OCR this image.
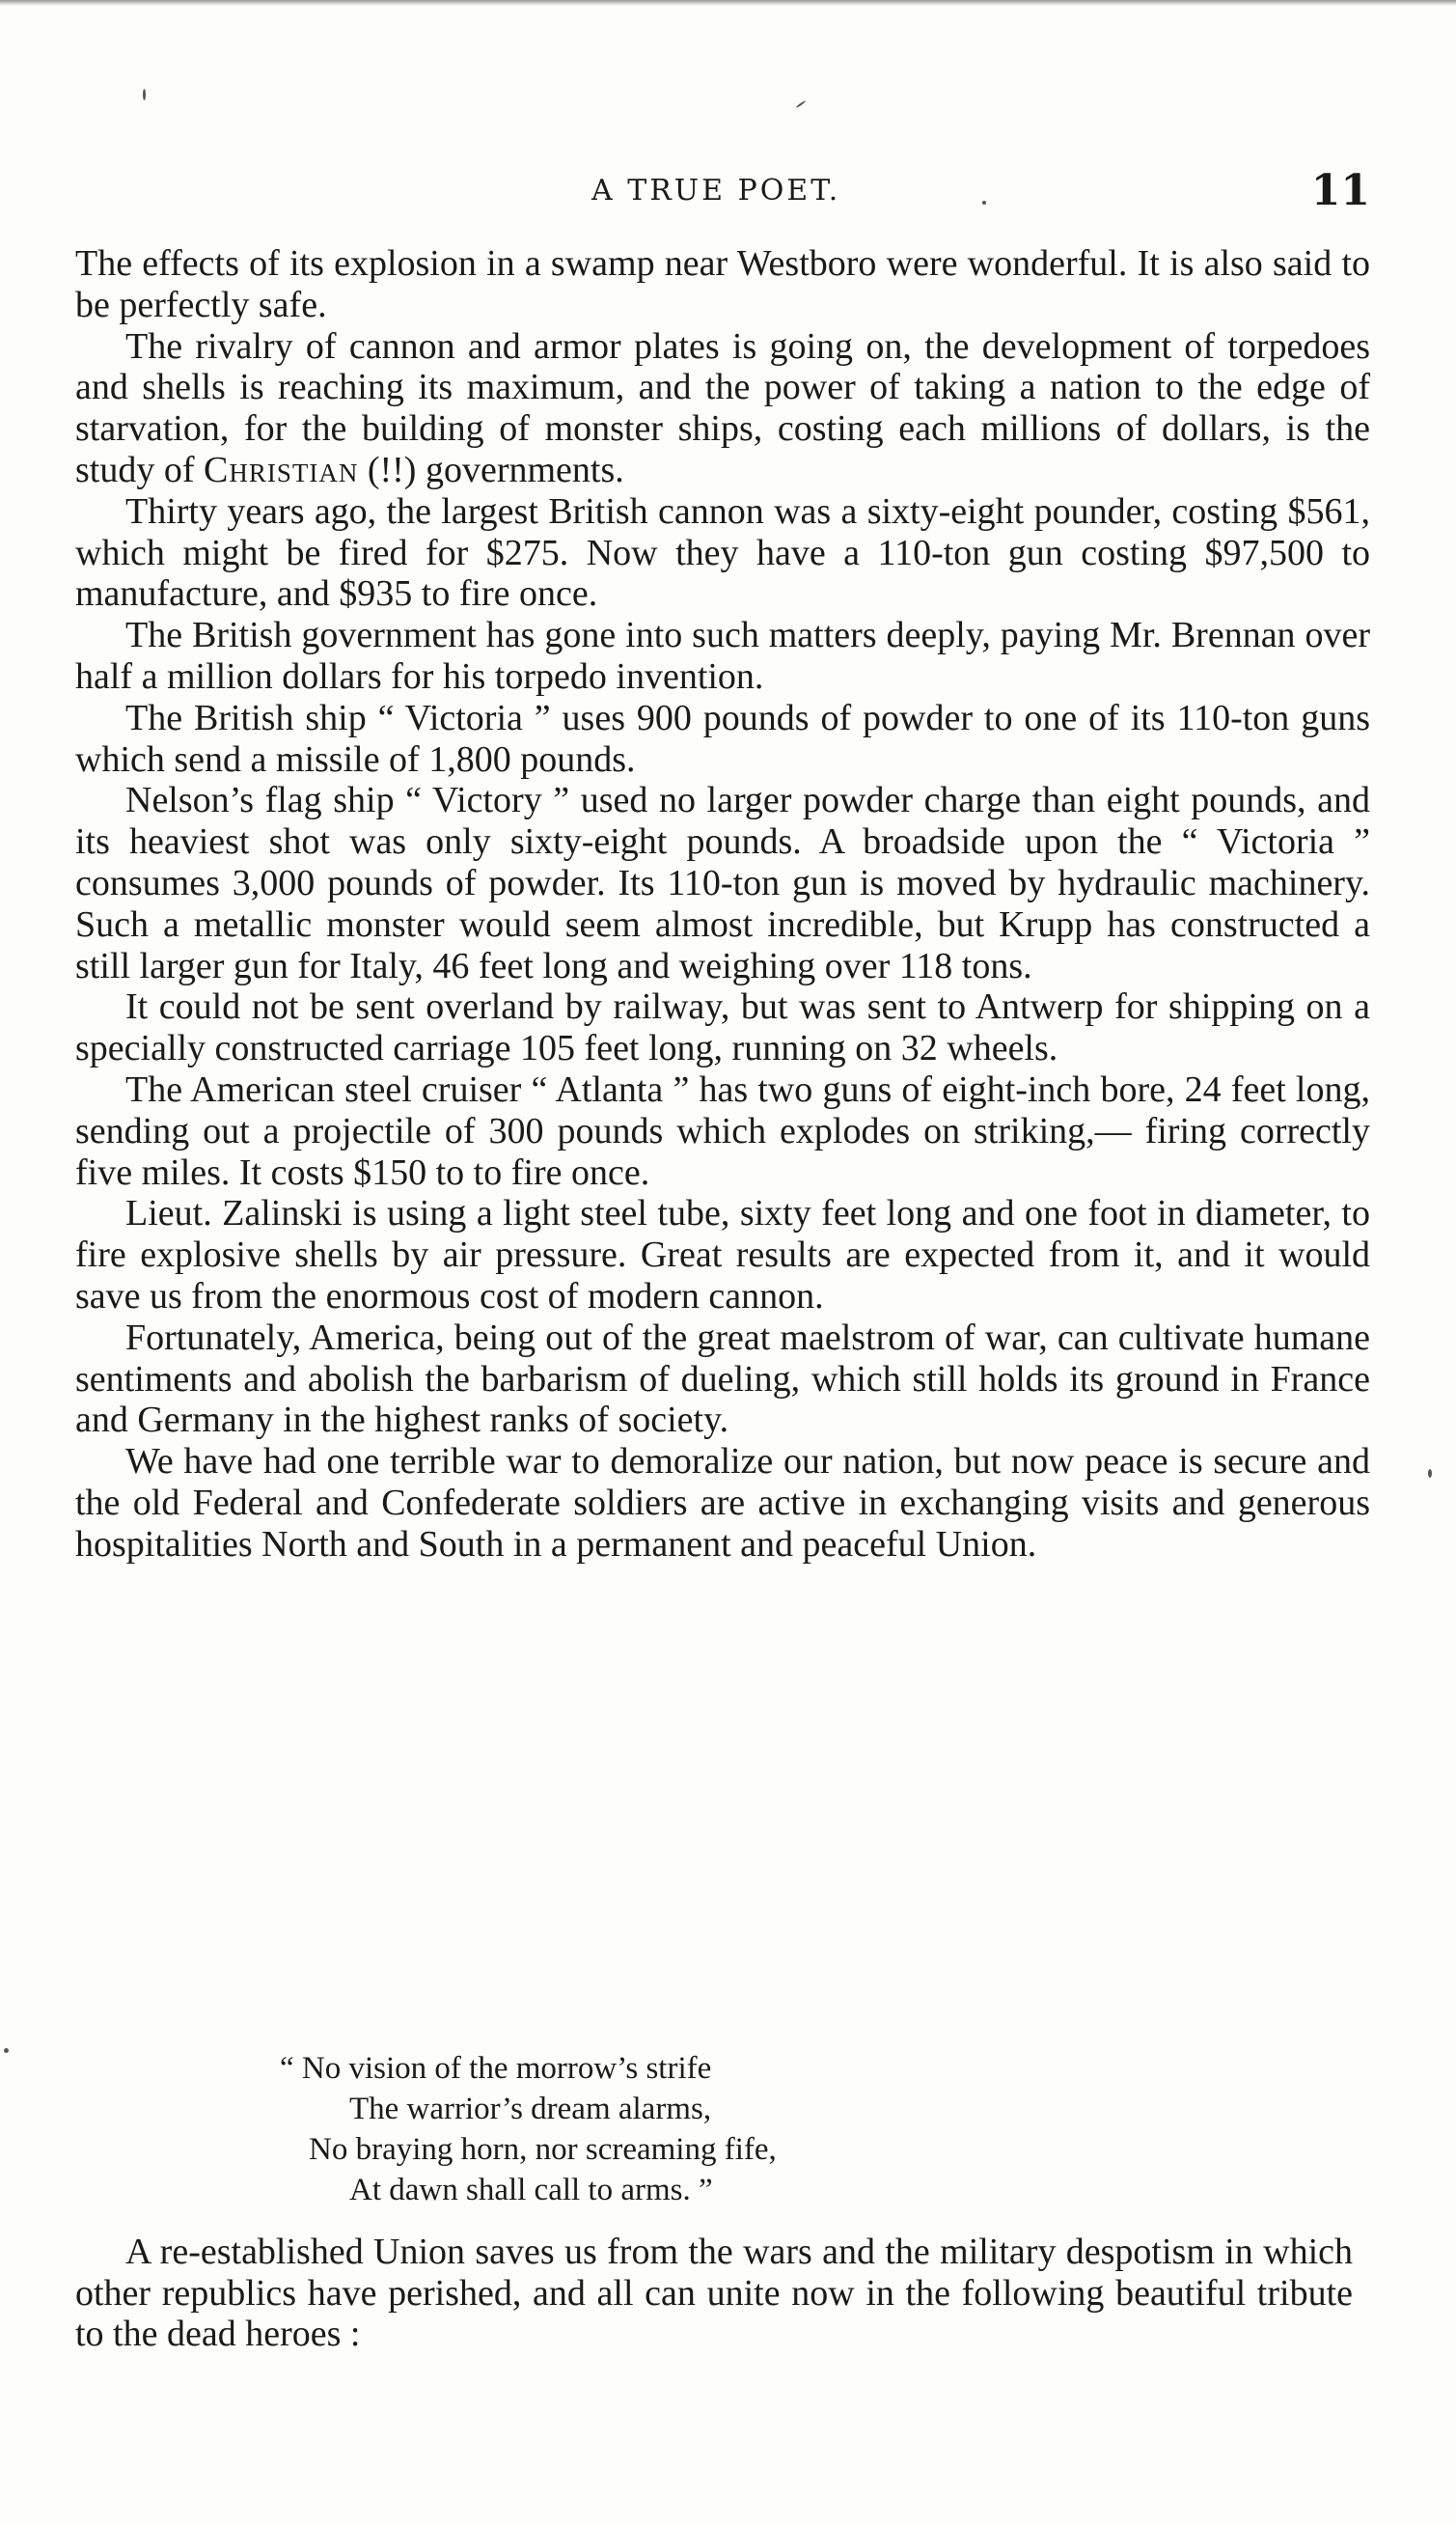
A TRUE POET.	11

The effects of its explosion in a swamp near Westboro were wonderful. It is also said to be perfectly safe.

The rivalry of cannon and armor plates is going on, the development of torpedoes and shells is reaching its maximum, and the power of taking a nation to the edge of starvation, for the building of monster ships, costing each millions of dollars, is the study of Christian (!!) governments.

Thirty years ago, the largest British cannon was a sixty-eight pounder, costing $561, which might be fired for $275. Now they have a 110-ton gun costing $97,500 to manufacture, and $935 to fire once.

The British government has gone into such matters deeply, paying Mr. Brennan over half a million dollars for his torpedo invention.

The British ship “ Victoria ” uses 900 pounds of powder to one of its 110-ton guns which send a missile of 1,800 pounds.

Nelson’s flag ship “ Victory ” used no larger powder charge than eight pounds, and its heaviest shot was only sixty-eight pounds. A broadside upon the “ Victoria ” consumes 3,000 pounds of powder. Its 110-ton gun is moved by hydraulic machinery. Such a metallic monster would seem almost incredible, but Krupp has constructed a still larger gun for Italy, 46 feet long and weighing over 118 tons.

It could not be sent overland by railway, but was sent to Antwerp for shipping on a specially constructed carriage 105 feet long, running on 32 wheels.

The American steel cruiser “ Atlanta ” has two guns of eight-inch bore, 24 feet long, sending out a projectile of 300 pounds which explodes on striking,— firing correctly five miles. It costs $150 to to fire once.

Lieut. Zalinski is using a light steel tube, sixty feet long and one foot in diameter, to fire explosive shells by air pressure. Great results are expected from it, and it would save us from the enormous cost of modern cannon.

Fortunately, America, being out of the great maelstrom of war, can cultivate humane sentiments and abolish the barbarism of dueling, which still holds its ground in France and Germany in the highest ranks of society.

We have had one terrible war to demoralize our nation, but now peace is secure and the old Federal and Confederate soldiers are active in exchanging visits and generous hospitalities North and South in a permanent and peaceful Union.

“ No vision of the morrow’s strife
The warrior’s dream alarms,
No braying horn, nor screaming fife,
At dawn shall call to arms. ”

A re-established Union saves us from the wars and the military despotism in which other republics have perished, and all can unite now in the following beautiful tribute to the dead heroes :
